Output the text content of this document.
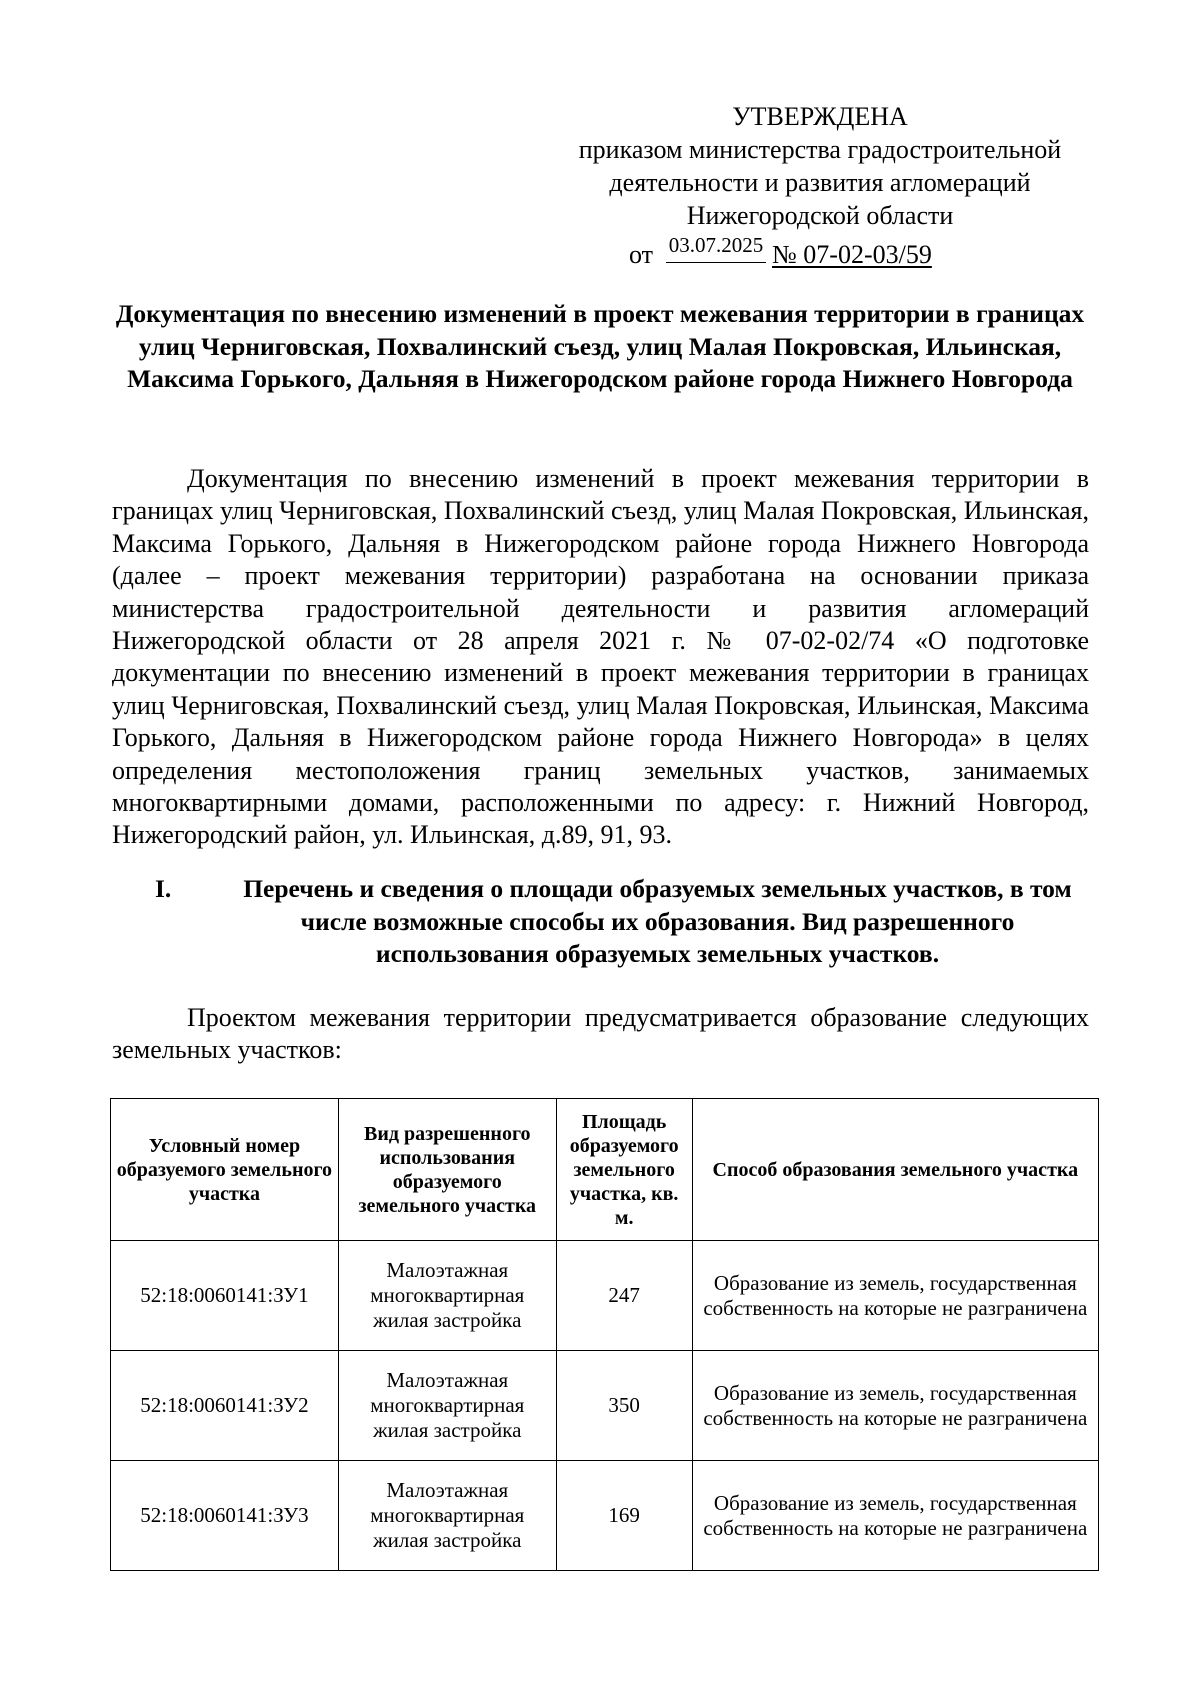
УТВЕРЖДЕНА
приказом министерства градостроительной
деятельности и развития агломераций
Нижегородской области
от 03.07.2025 № 07-02-03/59
Документация по внесению изменений в проект межевания территории в границах улиц Черниговская, Похвалинский съезд, улиц Малая Покровская, Ильинская, Максима Горького, Дальняя в Нижегородском районе города Нижнего Новгорода
Документация по внесению изменений в проект межевания территории в границах улиц Черниговская, Похвалинский съезд, улиц Малая Покровская, Ильинская, Максима Горького, Дальняя в Нижегородском районе города Нижнего Новгорода (далее – проект межевания территории) разработана на основании приказа министерства градостроительной деятельности и развития агломераций Нижегородской области от 28 апреля 2021 г. № 07-02-02/74 «О подготовке документации по внесению изменений в проект межевания территории в границах улиц Черниговская, Похвалинский съезд, улиц Малая Покровская, Ильинская, Максима Горького, Дальняя в Нижегородском районе города Нижнего Новгорода» в целях определения местоположения границ земельных участков, занимаемых многоквартирными домами, расположенными по адресу: г. Нижний Новгород, Нижегородский район, ул. Ильинская, д.89, 91, 93.
I.	Перечень и сведения о площади образуемых земельных участков, в том числе возможные способы их образования. Вид разрешенного использования образуемых земельных участков.
Проектом межевания территории предусматривается образование следующих земельных участков:
Условный номер образуемого земельного участка	Вид разрешенного использования образуемого земельного участка	Площадь образуемого земельного участка, кв. м.	Способ образования земельного участка
52:18:0060141:ЗУ1	Малоэтажная многоквартирная жилая застройка	247	Образование из земель, государственная собственность на которые не разграничена
52:18:0060141:ЗУ2	Малоэтажная многоквартирная жилая застройка	350	Образование из земель, государственная собственность на которые не разграничена
52:18:0060141:ЗУ3	Малоэтажная многоквартирная жилая застройка	169	Образование из земель, государственная собственность на которые не разграничена
